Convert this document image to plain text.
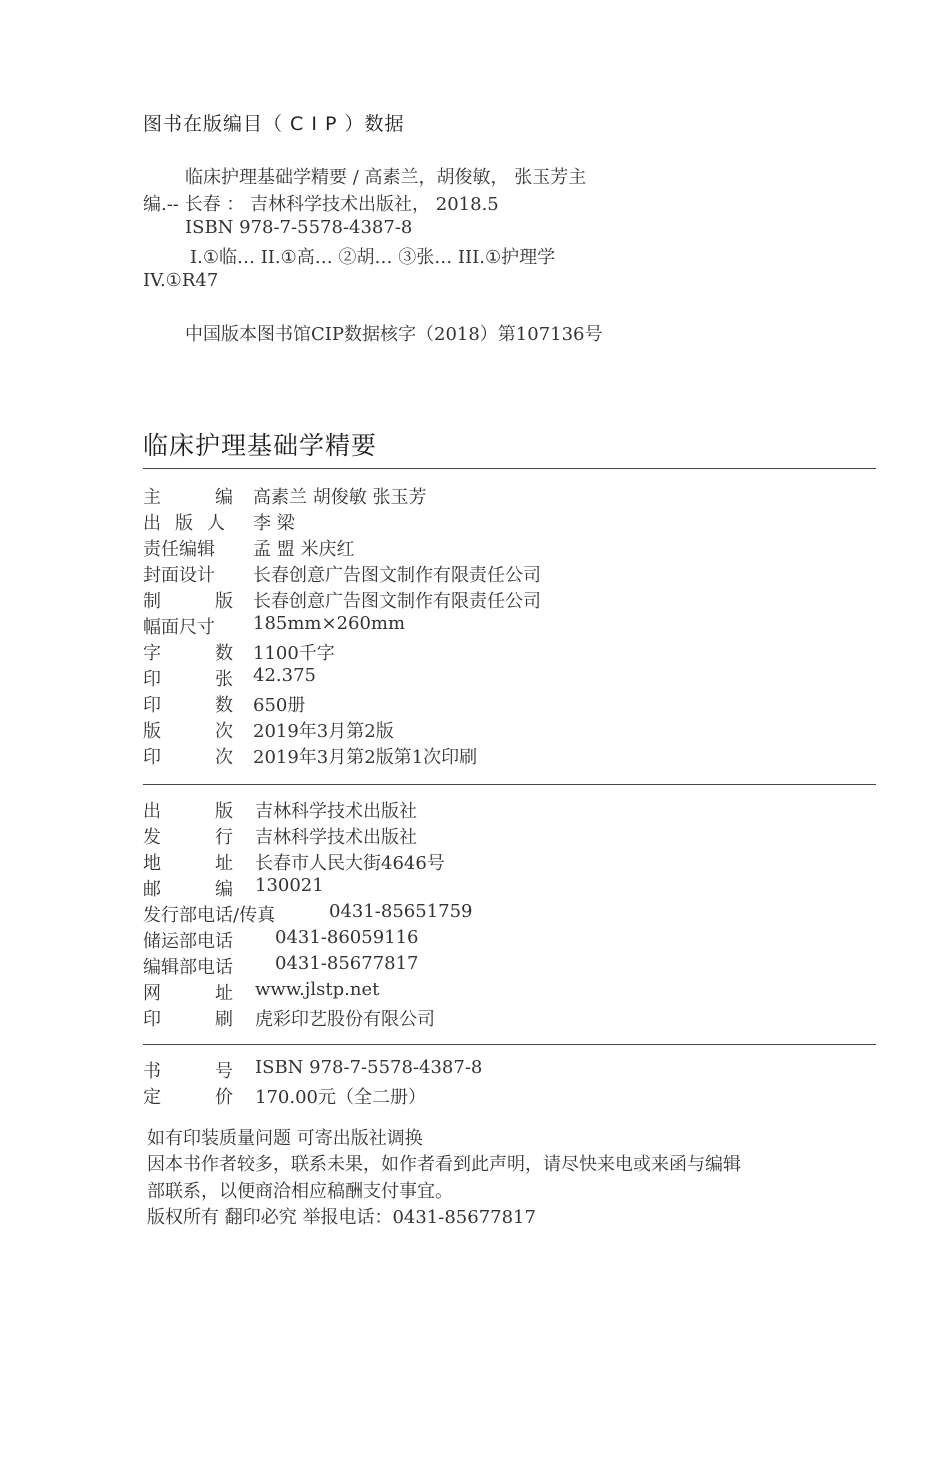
图书在版编目（ C I P ）数据
临床护理基础学精要 / 高素兰，胡俊敏， 张玉芳主
编.-- 长春 ： 吉林科学技术出版社， 2018.5
ISBN 978-7-5578-4387-8
I.①临… II.①高… ②胡… ③张… III.①护理学
IV.①R47
中国版本图书馆CIP数据核字（2018）第107136号
临床护理基础学精要
主	编 高素兰 胡俊敏 张玉芳
出 版 人 李 梁
责任编辑 孟 盟 米庆红
封面设计 长春创意广告图文制作有限责任公司
制	版 长春创意广告图文制作有限责任公司
幅面尺寸 185mm×260mm
字	数 1100千字
印	张 42.375
印	数 650册
版	次 2019年3月第2版
印	次 2019年3月第2版第1次印刷
出	版 吉林科学技术出版社
发	行 吉林科学技术出版社
地	址 长春市人民大街4646号
邮	编 130021
发行部电话/传真	0431-85651759
储运部电话 0431-86059116
编辑部电话 0431-85677817
网	址 www.jlstp.net
印	刷 虎彩印艺股份有限公司
书	号 ISBN 978-7-5578-4387-8
定	价 170.00元（全二册）
如有印装质量问题 可寄出版社调换
因本书作者较多，联系未果，如作者看到此声明，请尽快来电或来函与编辑
部联系，以便商洽相应稿酬支付事宜。
版权所有 翻印必究 举报电话：0431-85677817
